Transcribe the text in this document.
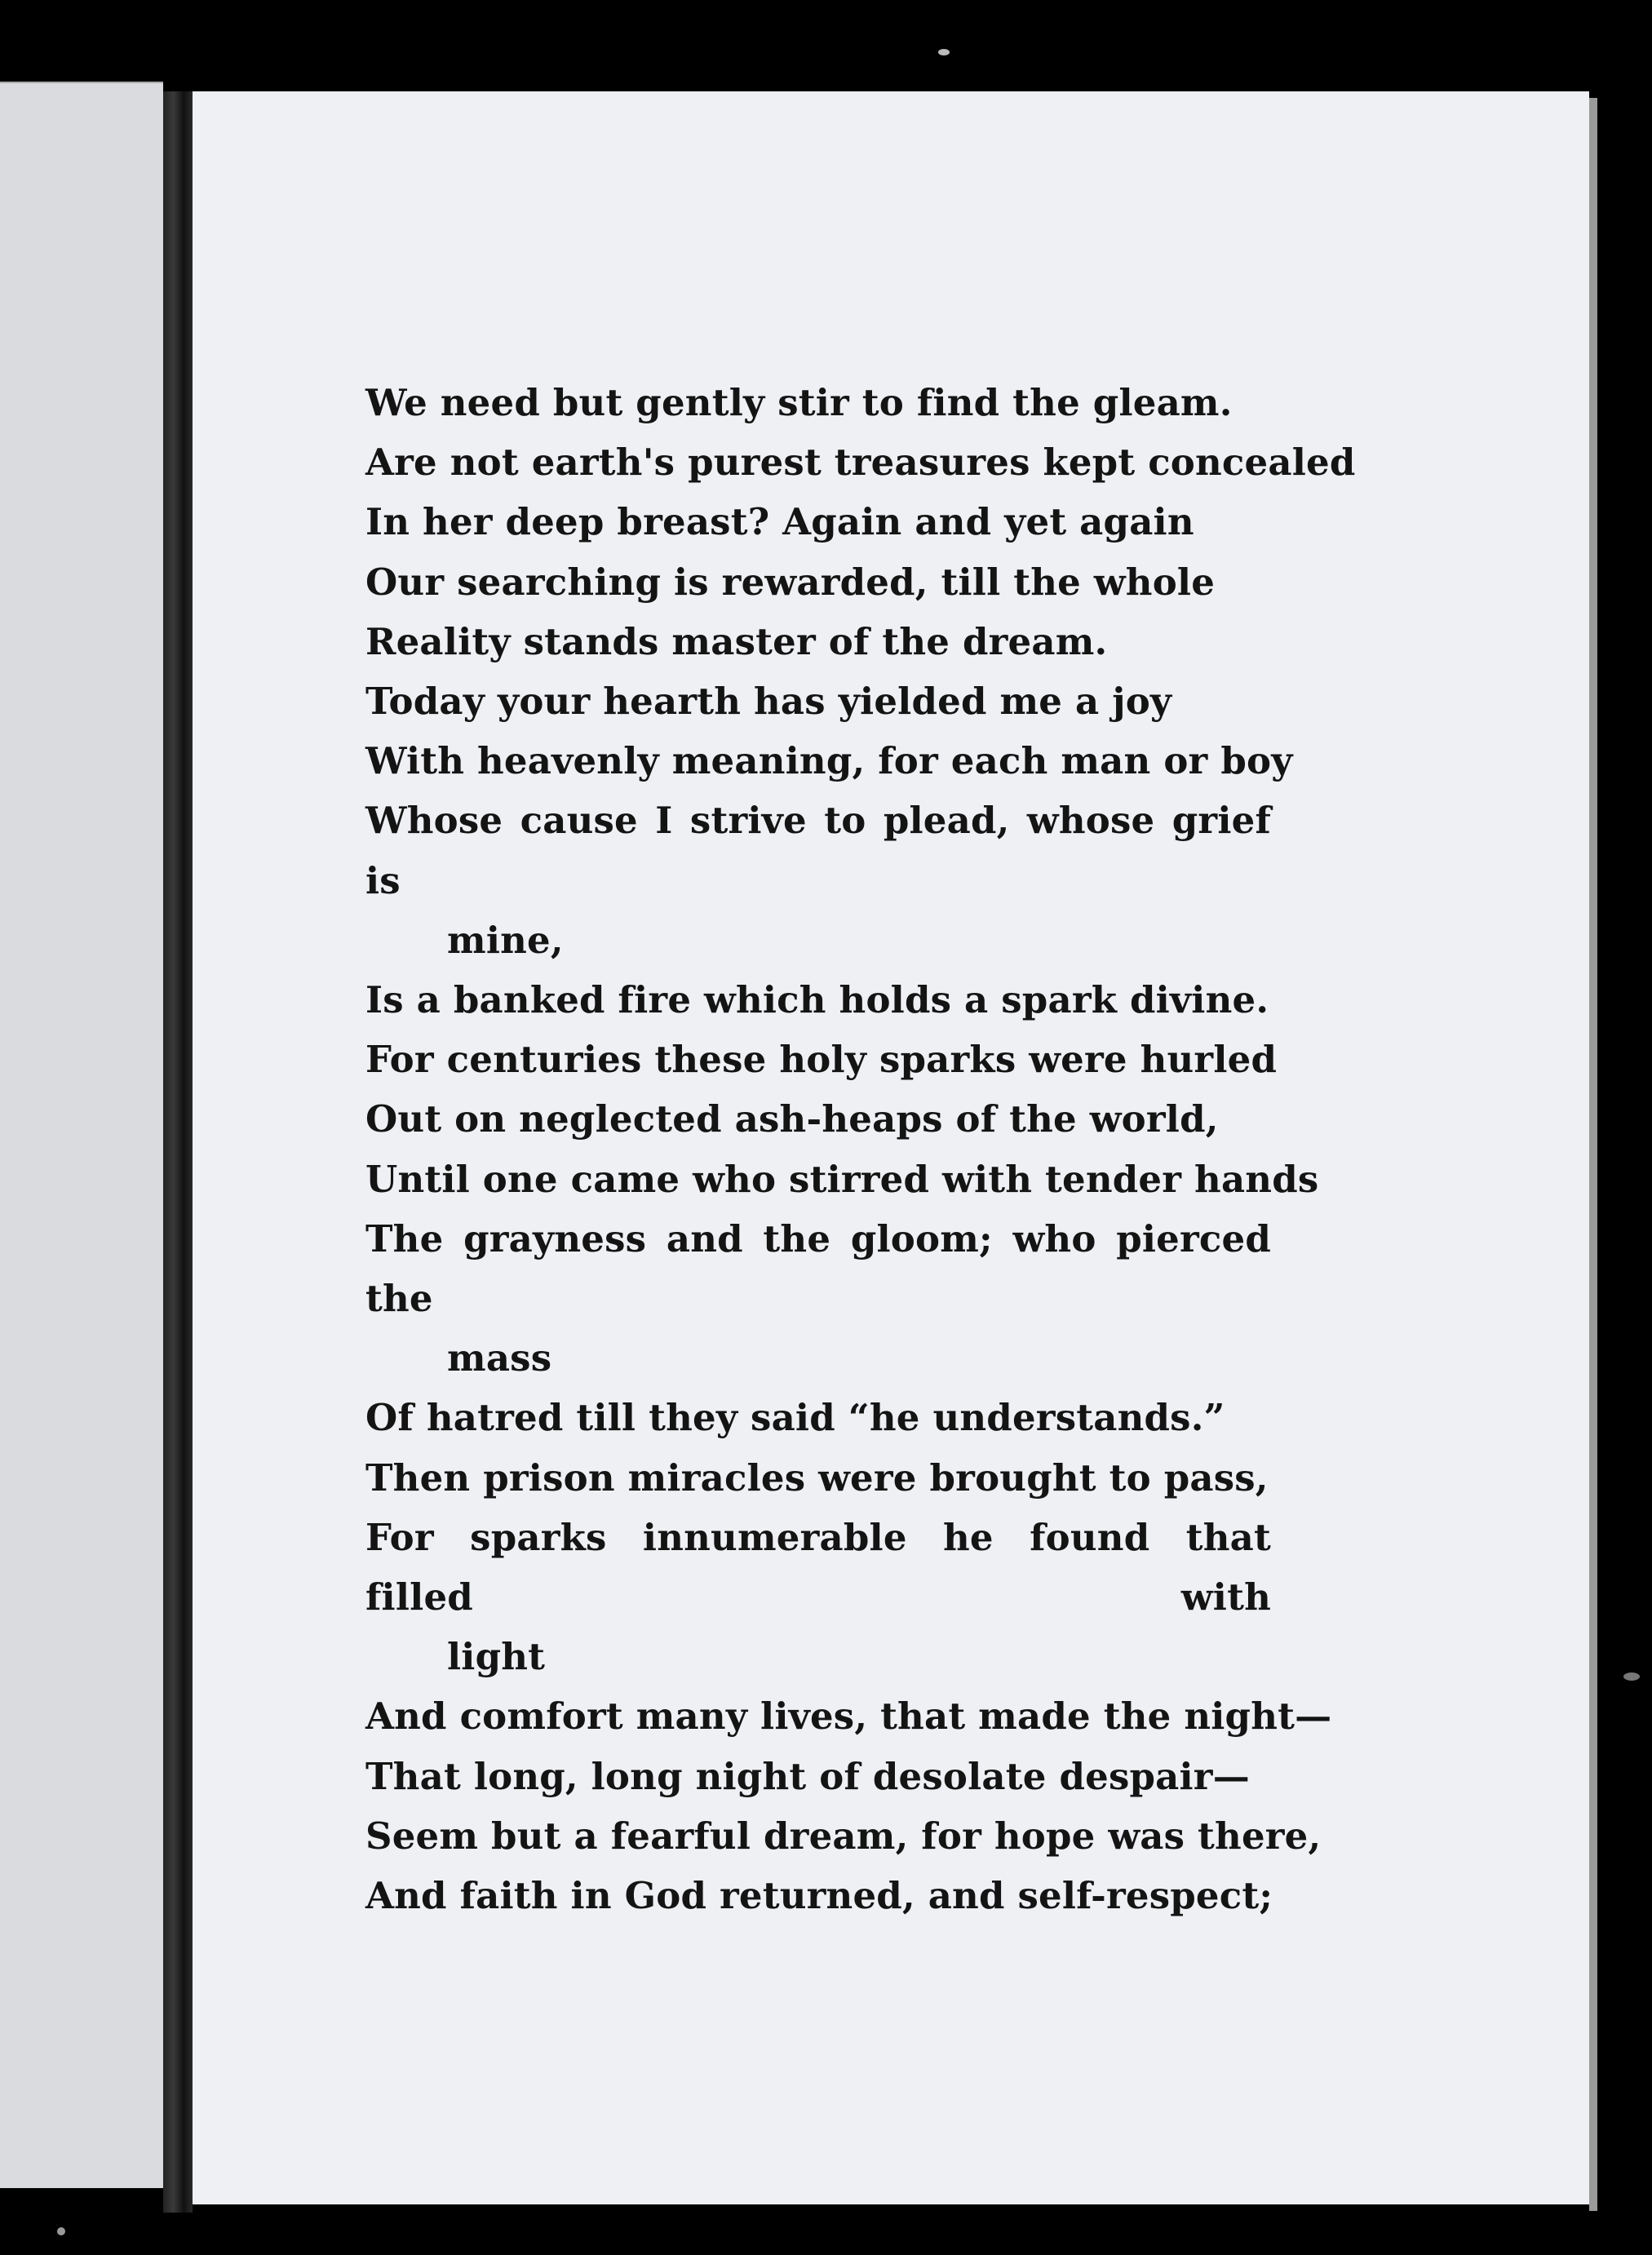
We need but gently stir to find the gleam.
Are not earth's purest treasures kept concealed
In her deep breast? Again and yet again
Our searching is rewarded, till the whole
Reality stands master of the dream.
Today your hearth has yielded me a joy
With heavenly meaning, for each man or boy
Whose cause I strive to plead, whose grief is
mine,
Is a banked fire which holds a spark divine.
For centuries these holy sparks were hurled
Out on neglected ash-heaps of the world,
Until one came who stirred with tender hands
The grayness and the gloom; who pierced the
mass
Of hatred till they said “he understands.”
Then prison miracles were brought to pass,
For sparks innumerable he found that filled with
light
And comfort many lives, that made the night—
That long, long night of desolate despair—
Seem but a fearful dream, for hope was there,
And faith in God returned, and self-respect;
